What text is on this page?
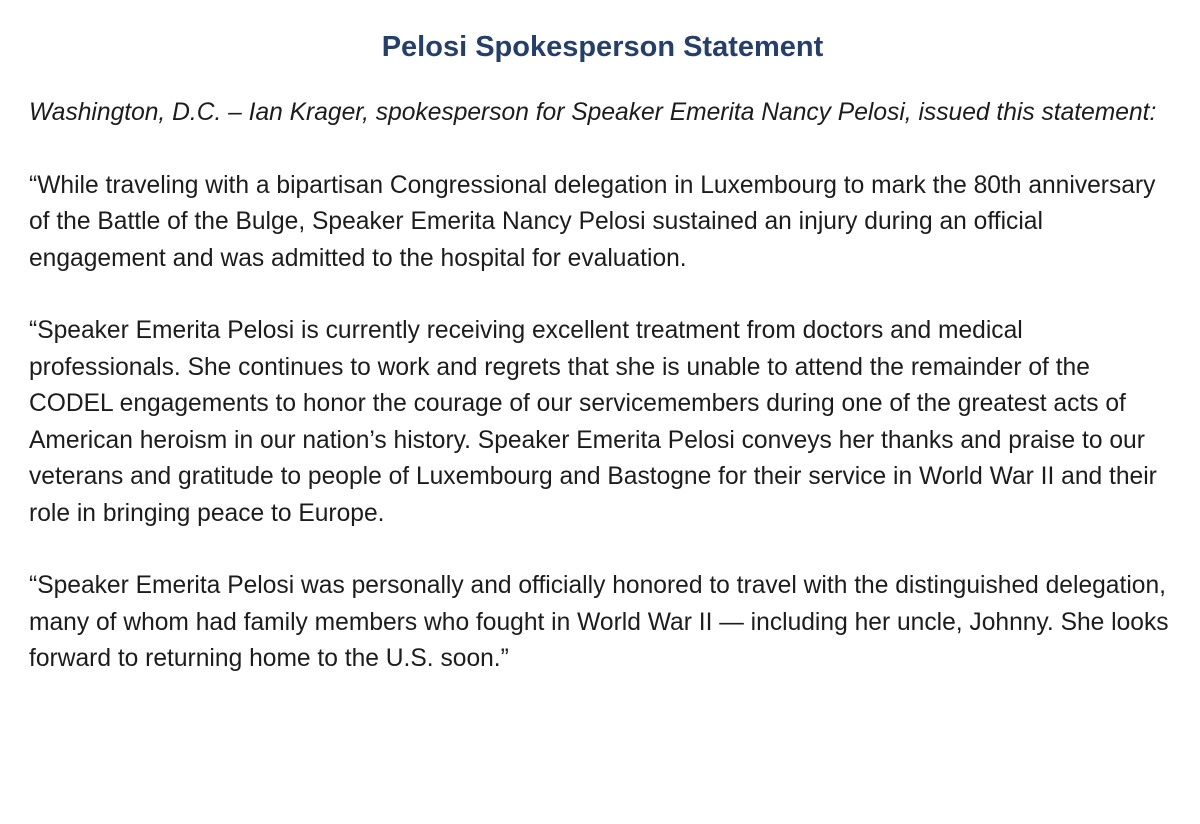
Pelosi Spokesperson Statement

Washington, D.C. – Ian Krager, spokesperson for Speaker Emerita Nancy Pelosi, issued this statement:

“While traveling with a bipartisan Congressional delegation in Luxembourg to mark the 80th anniversary of the Battle of the Bulge, Speaker Emerita Nancy Pelosi sustained an injury during an official engagement and was admitted to the hospital for evaluation.

“Speaker Emerita Pelosi is currently receiving excellent treatment from doctors and medical professionals. She continues to work and regrets that she is unable to attend the remainder of the CODEL engagements to honor the courage of our servicemembers during one of the greatest acts of American heroism in our nation’s history. Speaker Emerita Pelosi conveys her thanks and praise to our veterans and gratitude to people of Luxembourg and Bastogne for their service in World War II and their role in bringing peace to Europe.

“Speaker Emerita Pelosi was personally and officially honored to travel with the distinguished delegation, many of whom had family members who fought in World War II — including her uncle, Johnny. She looks forward to returning home to the U.S. soon.”
